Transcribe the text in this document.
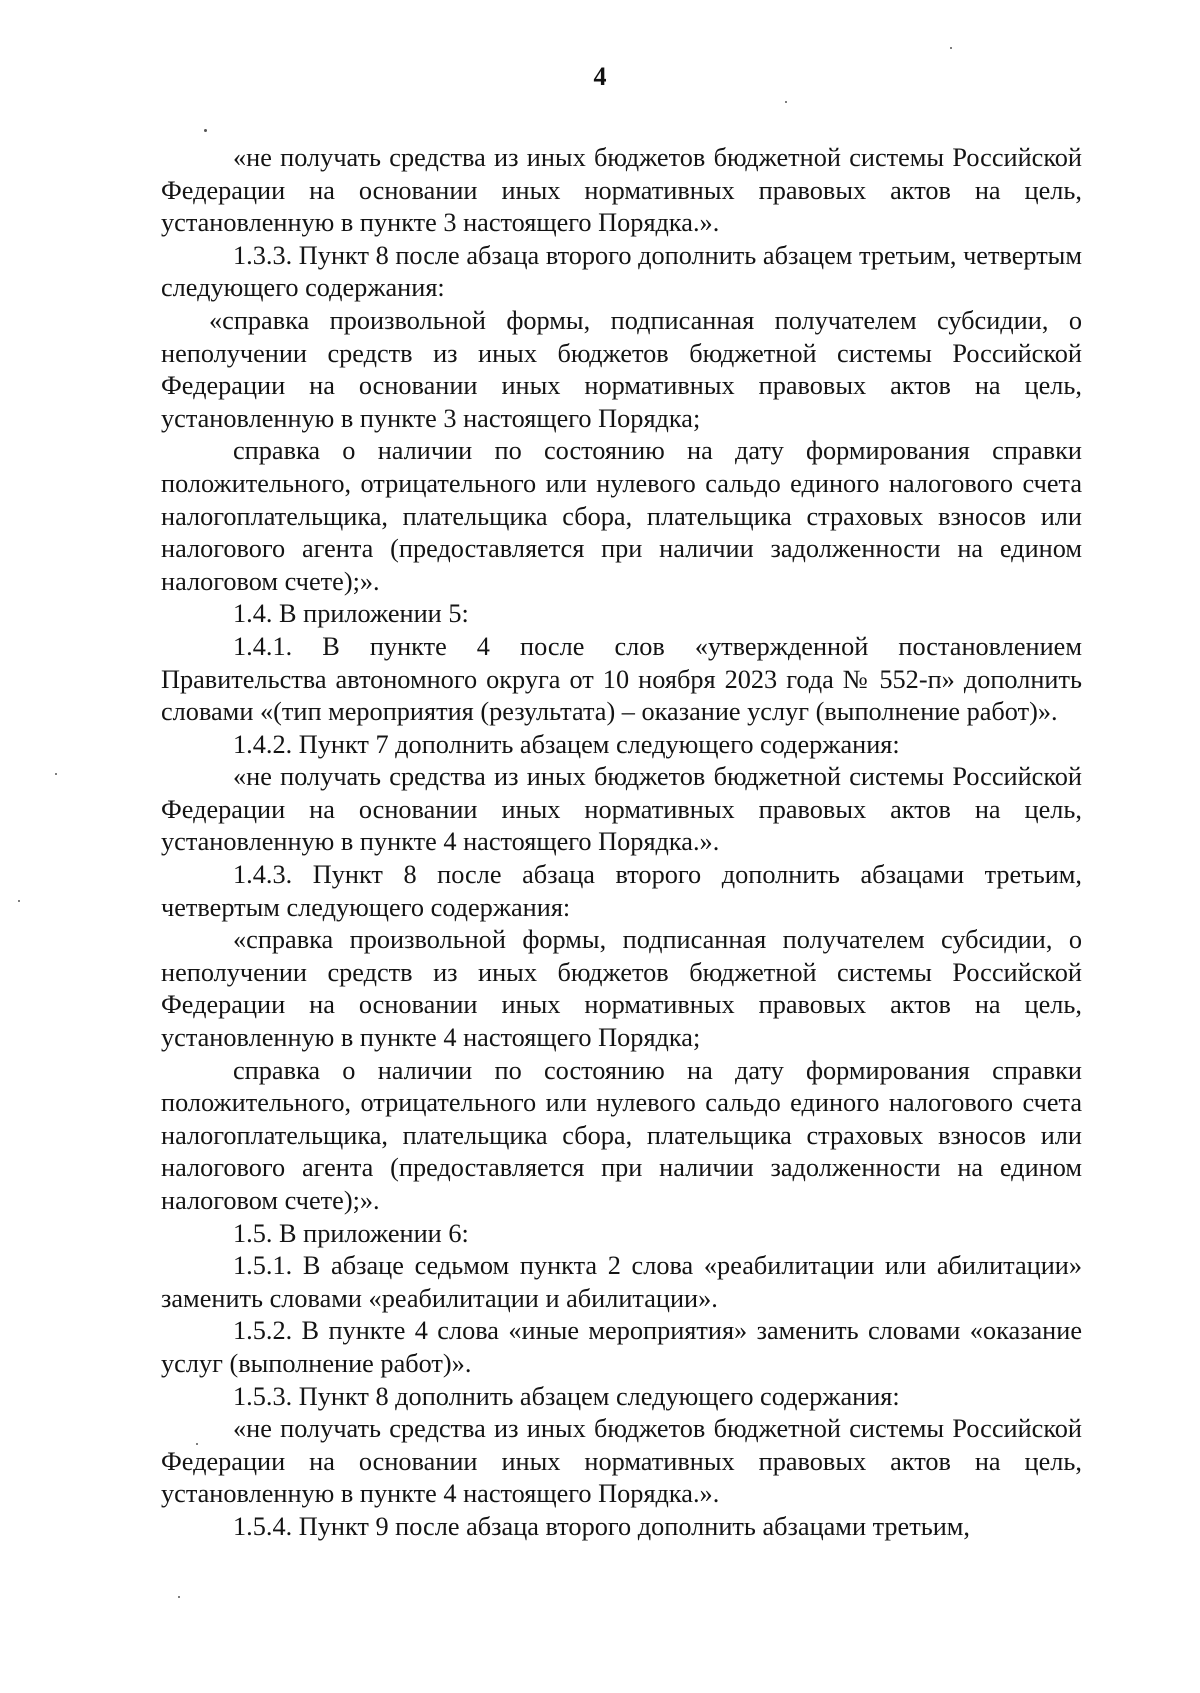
4

«не получать средства из иных бюджетов бюджетной системы Российской Федерации на основании иных нормативных правовых актов на цель, установленную в пункте 3 настоящего Порядка.».

1.3.3. Пункт 8 после абзаца второго дополнить абзацем третьим, четвертым следующего содержания:

«справка произвольной формы, подписанная получателем субсидии, о неполучении средств из иных бюджетов бюджетной системы Российской Федерации на основании иных нормативных правовых актов на цель, установленную в пункте 3 настоящего Порядка;

справка о наличии по состоянию на дату формирования справки положительного, отрицательного или нулевого сальдо единого налогового счета налогоплательщика, плательщика сбора, плательщика страховых взносов или налогового агента (предоставляется при наличии задолженности на едином налоговом счете);».

1.4. В приложении 5:

1.4.1. В пункте 4 после слов «утвержденной постановлением Правительства автономного округа от 10 ноября 2023 года № 552-п» дополнить словами «(тип мероприятия (результата) – оказание услуг (выполнение работ)».

1.4.2. Пункт 7 дополнить абзацем следующего содержания:

«не получать средства из иных бюджетов бюджетной системы Российской Федерации на основании иных нормативных правовых актов на цель, установленную в пункте 4 настоящего Порядка.».

1.4.3. Пункт 8 после абзаца второго дополнить абзацами третьим, четвертым следующего содержания:

«справка произвольной формы, подписанная получателем субсидии, о неполучении средств из иных бюджетов бюджетной системы Российской Федерации на основании иных нормативных правовых актов на цель, установленную в пункте 4 настоящего Порядка;

справка о наличии по состоянию на дату формирования справки положительного, отрицательного или нулевого сальдо единого налогового счета налогоплательщика, плательщика сбора, плательщика страховых взносов или налогового агента (предоставляется при наличии задолженности на едином налоговом счете);».

1.5. В приложении 6:

1.5.1. В абзаце седьмом пункта 2 слова «реабилитации или абилитации» заменить словами «реабилитации и абилитации».

1.5.2. В пункте 4 слова «иные мероприятия» заменить словами «оказание услуг (выполнение работ)».

1.5.3. Пункт 8 дополнить абзацем следующего содержания:

«не получать средства из иных бюджетов бюджетной системы Российской Федерации на основании иных нормативных правовых актов на цель, установленную в пункте 4 настоящего Порядка.».

1.5.4. Пункт 9 после абзаца второго дополнить абзацами третьим,
